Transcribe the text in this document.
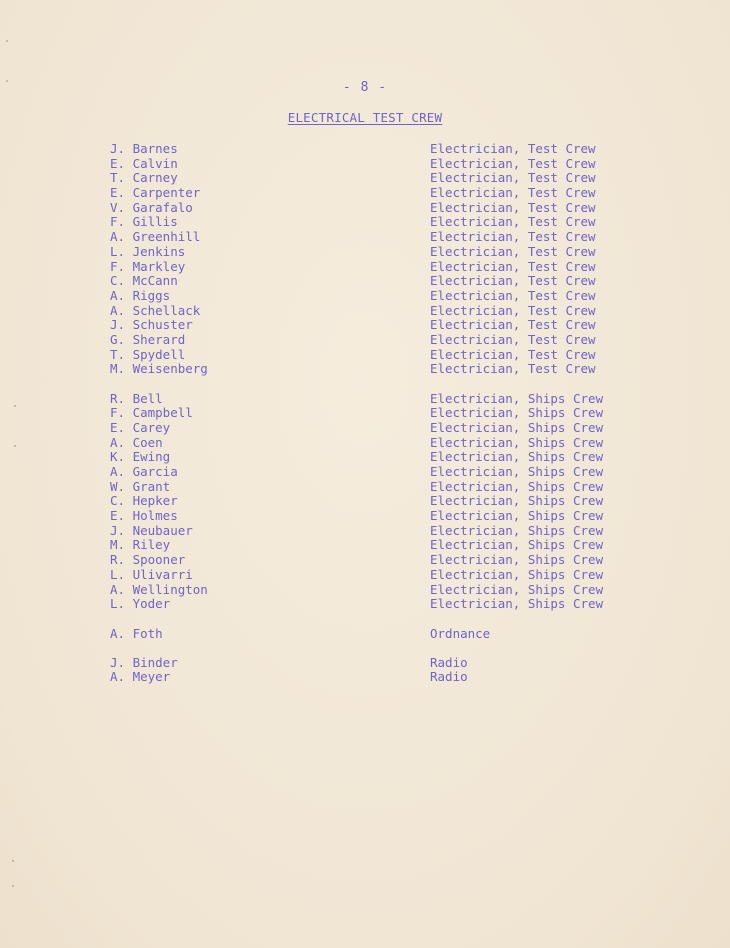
- 8 -
ELECTRICAL TEST CREW
J. Barnes	Electrician, Test Crew
E. Calvin	Electrician, Test Crew
T. Carney	Electrician, Test Crew
E. Carpenter	Electrician, Test Crew
V. Garafalo	Electrician, Test Crew
F. Gillis	Electrician, Test Crew
A. Greenhill	Electrician, Test Crew
L. Jenkins	Electrician, Test Crew
F. Markley	Electrician, Test Crew
C. McCann	Electrician, Test Crew
A. Riggs	Electrician, Test Crew
A. Schellack	Electrician, Test Crew
J. Schuster	Electrician, Test Crew
G. Sherard	Electrician, Test Crew
T. Spydell	Electrician, Test Crew
M. Weisenberg	Electrician, Test Crew
R. Bell	Electrician, Ships Crew
F. Campbell	Electrician, Ships Crew
E. Carey	Electrician, Ships Crew
A. Coen	Electrician, Ships Crew
K. Ewing	Electrician, Ships Crew
A. Garcia	Electrician, Ships Crew
W. Grant	Electrician, Ships Crew
C. Hepker	Electrician, Ships Crew
E. Holmes	Electrician, Ships Crew
J. Neubauer	Electrician, Ships Crew
M. Riley	Electrician, Ships Crew
R. Spooner	Electrician, Ships Crew
L. Ulivarri	Electrician, Ships Crew
A. Wellington	Electrician, Ships Crew
L. Yoder	Electrician, Ships Crew
A. Foth	Ordnance
J. Binder	Radio
A. Meyer	Radio
